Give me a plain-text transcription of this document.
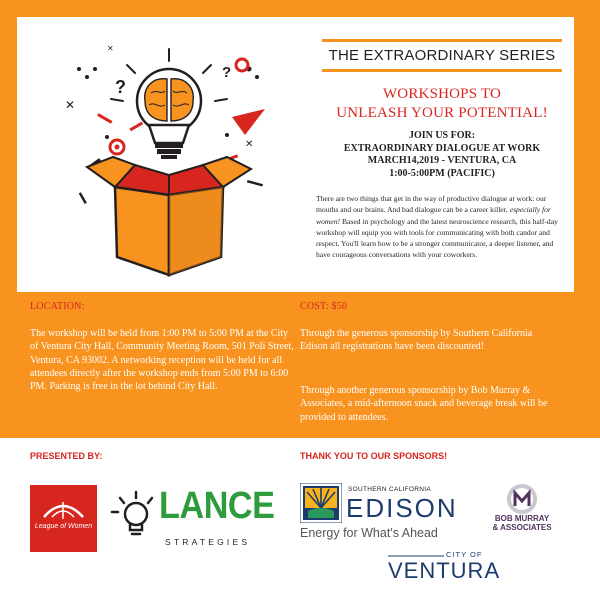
?
?
✕
✕
✕	THE EXTRAORDINARY SERIES
WORKSHOPS TO
UNLEASH YOUR POTENTIAL!
JOIN US FOR:
EXTRAORDINARY DIALOGUE AT WORK
MARCH14,2019 - VENTURA, CA
1:00-5:00PM (PACIFIC)

There are two things that get in the way of productive dialogue at work: our mouths and our brains. And bad dialogue can be a career killer, especially for women! Based in psychology and the latest neuroscience research, this half-day workshop will equip you with tools for communicating with both candor and respect. You'll learn how to be a stronger communicator, a deeper listener, and have courageous conversations with your coworkers.

LOCATION:

The workshop will be held from 1:00 PM to 5:00 PM at the City of Ventura City Hall, Community Meeting Room, 501 Poli Street, Ventura, CA 93002. A networking reception will be held for all attendees directly after the workshop ends from 5:00 PM to 6:00 PM. Parking is free in the lot behind City Hall.

COST: $50

Through the generous sponsorship by Southern California Edison all registrations have been discounted!

Through another generous sponsorship by Bob Murray & Associates, a mid-afternoon snack and beverage break will be provided to attendees.

PRESENTED BY:	THANK YOU TO OUR SPONSORS!
League of Women LANCE
STRATEGIES
SOUTHERN CALIFORNIA
EDISON
Energy for What's Ahead
BOB MURRAY
& ASSOCIATES
CITY OF
VENTURA
